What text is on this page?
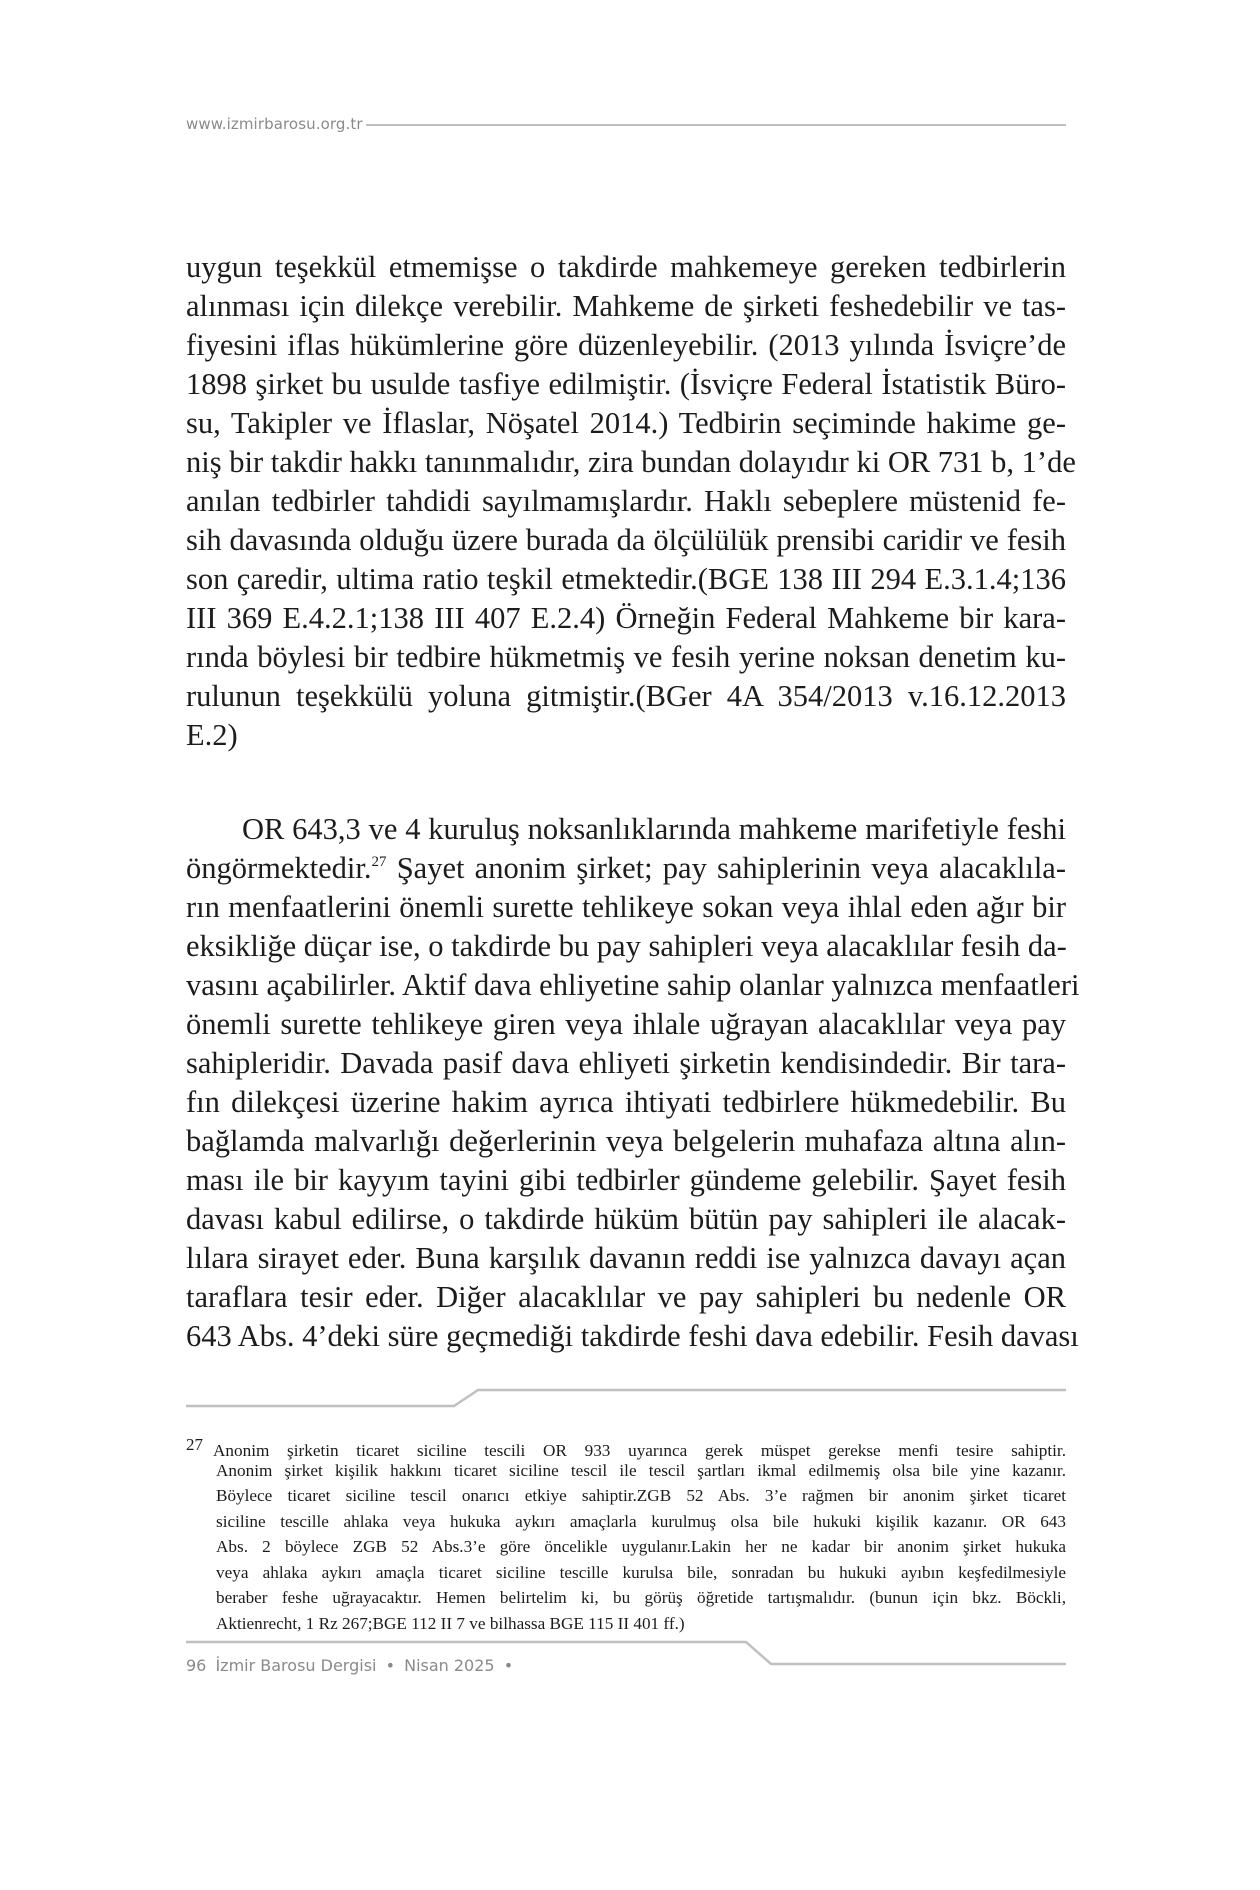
www.izmirbarosu.org.tr

uygun teşekkül etmemişse o takdirde mahkemeye gereken tedbirlerin
alınması için dilekçe verebilir. Mahkeme de şirketi feshedebilir ve tas-
fiyesini iflas hükümlerine göre düzenleyebilir. (2013 yılında İsviçre’de
1898 şirket bu usulde tasfiye edilmiştir. (İsviçre Federal İstatistik Büro-
su, Takipler ve İflaslar, Nöşatel 2014.) Tedbirin seçiminde hakime ge-
niş bir takdir hakkı tanınmalıdır, zira bundan dolayıdır ki OR 731 b, 1’de
anılan tedbirler tahdidi sayılmamışlardır. Haklı sebeplere müstenid fe-
sih davasında olduğu üzere burada da ölçülülük prensibi caridir ve fesih
son çaredir, ultima ratio teşkil etmektedir.(BGE 138 III 294 E.3.1.4;136
III 369 E.4.2.1;138 III 407 E.2.4) Örneğin Federal Mahkeme bir kara-
rında böylesi bir tedbire hükmetmiş ve fesih yerine noksan denetim ku-
rulunun teşekkülü yoluna gitmiştir.(BGer 4A 354/2013 v.16.12.2013
E.2)

OR 643,3 ve 4 kuruluş noksanlıklarında mahkeme marifetiyle feshi
öngörmektedir.$^{27}$ Şayet anonim şirket; pay sahiplerinin veya alacaklıla-
rın menfaatlerini önemli surette tehlikeye sokan veya ihlal eden ağır bir
eksikliğe düçar ise, o takdirde bu pay sahipleri veya alacaklılar fesih da-
vasını açabilirler. Aktif dava ehliyetine sahip olanlar yalnızca menfaatleri
önemli surette tehlikeye giren veya ihlale uğrayan alacaklılar veya pay
sahipleridir. Davada pasif dava ehliyeti şirketin kendisindedir. Bir tara-
fın dilekçesi üzerine hakim ayrıca ihtiyati tedbirlere hükmedebilir. Bu
bağlamda malvarlığı değerlerinin veya belgelerin muhafaza altına alın-
ması ile bir kayyım tayini gibi tedbirler gündeme gelebilir. Şayet fesih
davası kabul edilirse, o takdirde hüküm bütün pay sahipleri ile alacak-
lılara sirayet eder. Buna karşılık davanın reddi ise yalnızca davayı açan
taraflara tesir eder. Diğer alacaklılar ve pay sahipleri bu nedenle OR
643 Abs. 4’deki süre geçmediği takdirde feshi dava edebilir. Fesih davası

27 Anonim şirketin ticaret siciline tescili OR 933 uyarınca gerek müspet gerekse menfi tesire sahiptir.
Anonim şirket kişilik hakkını ticaret siciline tescil ile tescil şartları ikmal edilmemiş olsa bile yine kazanır.
Böylece ticaret siciline tescil onarıcı etkiye sahiptir.ZGB 52 Abs. 3’e rağmen bir anonim şirket ticaret
siciline tescille ahlaka veya hukuka aykırı amaçlarla kurulmuş olsa bile hukuki kişilik kazanır. OR 643
Abs. 2 böylece ZGB 52 Abs.3’e göre öncelikle uygulanır.Lakin her ne kadar bir anonim şirket hukuka
veya ahlaka aykırı amaçla ticaret siciline tescille kurulsa bile, sonradan bu hukuki ayıbın keşfedilmesiyle
beraber feshe uğrayacaktır. Hemen belirtelim ki, bu görüş öğretide tartışmalıdır. (bunun için bkz. Böckli,
Aktienrecht, 1 Rz 267;BGE 112 II 7 ve bilhassa BGE 115 II 401 ff.)
96 İzmir Barosu Dergisi • Nisan 2025 •
